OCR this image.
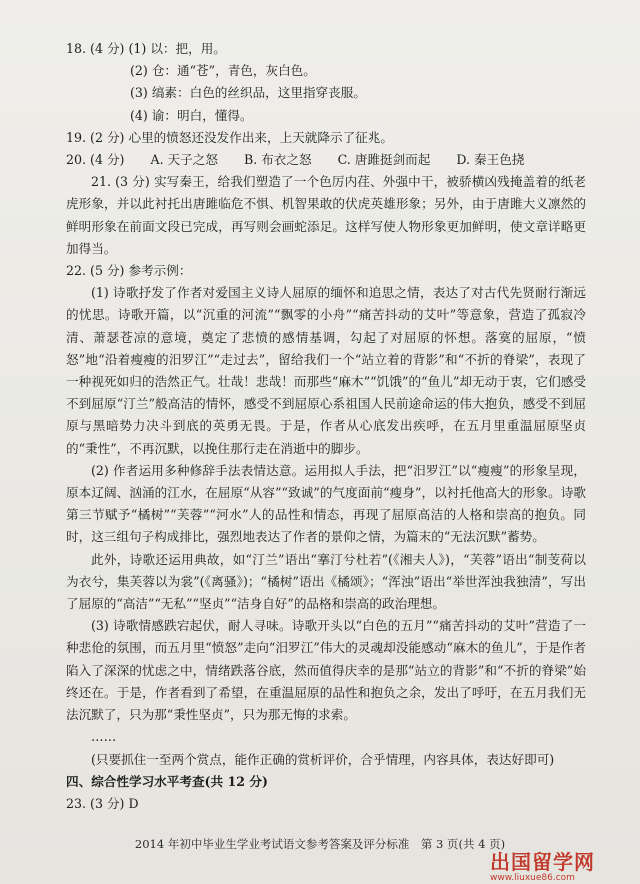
18. (4 分) (1) 以：把，用。
(2) 仓：通“苍”，青色，灰白色。
(3) 缟素：白色的丝织品，这里指穿丧服。
(4) 谕：明白，懂得。
19. (2 分) 心里的愤怒还没发作出来，上天就降示了征兆。
20. (4 分) A. 天子之怒 B. 布衣之怒 C. 唐雎挺剑而起 D. 秦王色挠
21. (3 分) 实写秦王，给我们塑造了一个色厉内荏、外强中干，被骄横凶残掩盖着的纸老虎形象，并以此衬托出唐雎临危不惧、机智果敢的伏虎英雄形象；另外，由于唐雎大义凛然的鲜明形象在前面文段已完成，再写则会画蛇添足。这样写使人物形象更加鲜明，使文章详略更加得当。
22. (5 分) 参考示例：
(1) 诗歌抒发了作者对爱国主义诗人屈原的缅怀和追思之情，表达了对古代先贤耐行渐远的忧思。诗歌开篇，以“沉重的河流”“飘零的小舟”“痛苦抖动的艾叶”等意象，营造了孤寂冷清、萧瑟苍凉的意境，奠定了悲愤的感情基调，勾起了对屈原的怀想。落寞的屈原，“愤怒”地“沿着瘦瘦的汨罗江”“走过去”，留给我们一个“站立着的背影”和“不折的脊梁”，表现了一种视死如归的浩然正气。壮哉！悲哉！而那些“麻木”“饥饿”的“鱼儿”却无动于衷，它们感受不到屈原“汀兰”般高洁的情怀，感受不到屈原心系祖国人民前途命运的伟大抱负，感受不到屈原与黑暗势力决斗到底的英勇无畏。于是，作者从心底发出疾呼，在五月里重温屈原坚贞的“秉性”，不再沉默，以挽住那行走在消逝中的脚步。
(2) 作者运用多种修辞手法表情达意。运用拟人手法，把“汨罗江”以“瘦瘦”的形象呈现，原本辽阔、汹涌的江水，在屈原“从容”“致诚”的气度面前“瘦身”，以衬托他高大的形象。诗歌第三节赋予“橘树”“芙蓉”“河水”人的品性和情态，再现了屈原高洁的人格和崇高的抱负。同时，这三组句子构成排比，强烈地表达了作者的景仰之情，为篇末的“无法沉默”蓄势。
此外，诗歌还运用典故，如“汀兰”语出“搴汀兮杜若”(《湘夫人》)，“芙蓉”语出“制芰荷以为衣兮，集芙蓉以为裳”(《离骚》)；“橘树”语出《橘颂》；“浑浊”语出“举世浑浊我独清”，写出了屈原的“高洁”“无私”“坚贞”“洁身自好”的品格和崇高的政治理想。
(3) 诗歌情感跌宕起伏，耐人寻味。诗歌开头以“白色的五月”“痛苦抖动的艾叶”营造了一种悲伧的氛围，而五月里“愤怒”走向“汨罗江”伟大的灵魂却没能感动“麻木的鱼儿”，于是作者陷入了深深的忧虑之中，情绪跌落谷底，然而值得庆幸的是那“站立的背影”和“不折的脊梁”始终还在。于是，作者看到了希望，在重温屈原的品性和抱负之余，发出了呼吁，在五月我们无法沉默了，只为那“秉性坚贞”，只为那无悔的求索。
……
(只要抓住一至两个赏点，能作正确的赏析评价，合乎情理，内容具体，表达好即可)
四、综合性学习水平考查(共 12 分)
23. (3 分) D
2014 年初中毕业生学业考试语文参考答案及评分标准　第 3 页(共 4 页)
出国留学网
www.liuxue86.com
